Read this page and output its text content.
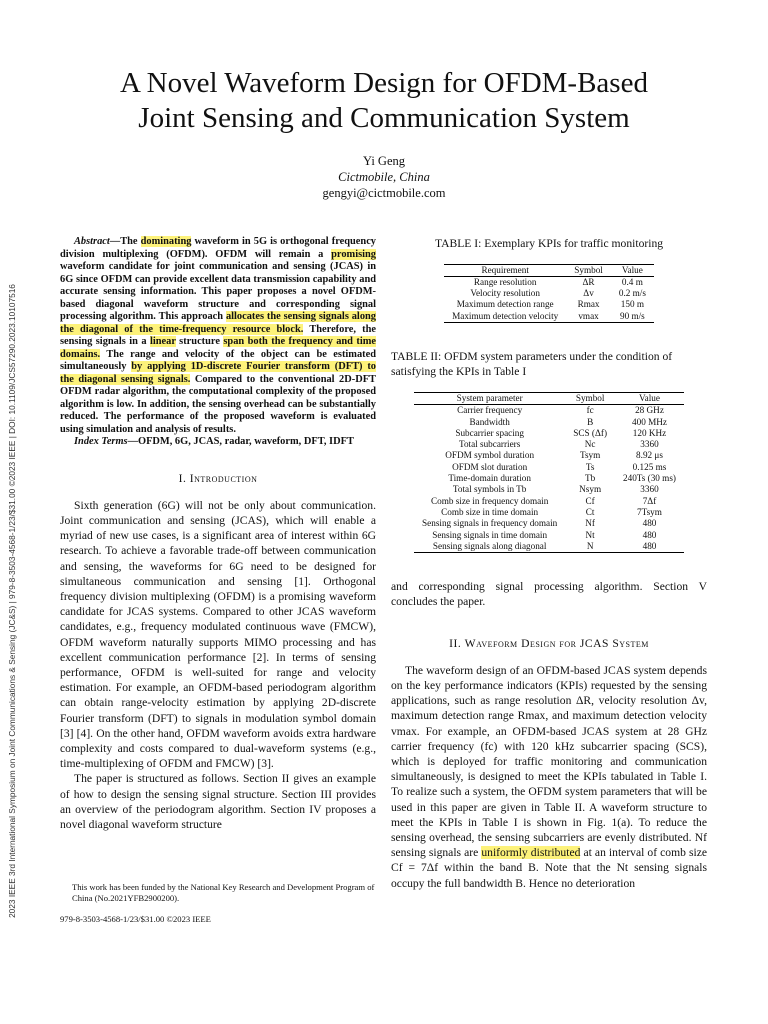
2023 IEEE 3rd International Symposium on Joint Communications & Sensing (JC&S) | 979-8-3503-4568-1/23/$31.00 ©2023 IEEE | DOI: 10.1109/JCS57290.2023.10107516
A Novel Waveform Design for OFDM-Based
Joint Sensing and Communication System
Yi Geng
Cictmobile, China
gengyi@cictmobile.com

Abstract—The dominating waveform in 5G is orthogonal frequency division multiplexing (OFDM). OFDM will remain a promising waveform candidate for joint communication and sensing (JCAS) in 6G since OFDM can provide excellent data transmission capability and accurate sensing information. This paper proposes a novel OFDM-based diagonal waveform structure and corresponding signal processing algorithm. This approach allocates the sensing signals along the diagonal of the time-frequency resource block. Therefore, the sensing signals in a linear structure span both the frequency and time domains. The range and velocity of the object can be estimated simultaneously by applying 1D-discrete Fourier transform (DFT) to the diagonal sensing signals. Compared to the conventional 2D-DFT OFDM radar algorithm, the computational complexity of the proposed algorithm is low. In addition, the sensing overhead can be substantially reduced. The performance of the proposed waveform is evaluated using simulation and analysis of results.

Index Terms—OFDM, 6G, JCAS, radar, waveform, DFT, IDFT

I. Introduction

Sixth generation (6G) will not be only about communication. Joint communication and sensing (JCAS), which will enable a myriad of new use cases, is a significant area of interest within 6G research. To achieve a favorable trade-off between communication and sensing, the waveforms for 6G need to be designed for simultaneous communication and sensing [1]. Orthogonal frequency division multiplexing (OFDM) is a promising waveform candidate for JCAS systems. Compared to other JCAS waveform candidates, e.g., frequency modulated continuous wave (FMCW), OFDM waveform naturally supports MIMO processing and has excellent communication performance [2]. In terms of sensing performance, OFDM is well-suited for range and velocity estimation. For example, an OFDM-based periodogram algorithm can obtain range-velocity estimation by applying 2D-discrete Fourier transform (DFT) to signals in modulation symbol domain [3] [4]. On the other hand, OFDM waveform avoids extra hardware complexity and costs compared to dual-waveform systems (e.g., time-multiplexing of OFDM and FMCW) [3].

The paper is structured as follows. Section II gives an example of how to design the sensing signal structure. Section III provides an overview of the periodogram algorithm. Section IV proposes a novel diagonal waveform structure

This work has been funded by the National Key Research and Development Program of China (No.2021YFB2900200).
979-8-3503-4568-1/23/$31.00 ©2023 IEEE
TABLE I: Exemplary KPIs for traffic monitoring
Requirement	Symbol	Value
Range resolution	ΔR	0.4 m
Velocity resolution	Δv	0.2 m/s
Maximum detection range	Rmax	150 m
Maximum detection velocity	vmax	90 m/s
TABLE II: OFDM system parameters under the condition of satisfying the KPIs in Table I
System parameter	Symbol	Value
Carrier frequency	fc	28 GHz
Bandwidth	B	400 MHz
Subcarrier spacing	SCS (Δf)	120 KHz
Total subcarriers	Nc	3360
OFDM symbol duration	Tsym	8.92 μs
OFDM slot duration	Ts	0.125 ms
Time-domain duration	Tb	240Ts (30 ms)
Total symbols in Tb	Nsym	3360
Comb size in frequency domain	Cf	7Δf
Comb size in time domain	Ct	7Tsym
Sensing signals in frequency domain	Nf	480
Sensing signals in time domain	Nt	480
Sensing signals along diagonal	N	480

and corresponding signal processing algorithm. Section V concludes the paper.

II. Waveform Design for JCAS System

The waveform design of an OFDM-based JCAS system depends on the key performance indicators (KPIs) requested by the sensing applications, such as range resolution ΔR, velocity resolution Δv, maximum detection range Rmax, and maximum detection velocity vmax. For example, an OFDM-based JCAS system at 28 GHz carrier frequency (fc) with 120 kHz subcarrier spacing (SCS), which is deployed for traffic monitoring and communication simultaneously, is designed to meet the KPIs tabulated in Table I. To realize such a system, the OFDM system parameters that will be used in this paper are given in Table II. A waveform structure to meet the KPIs in Table I is shown in Fig. 1(a). To reduce the sensing overhead, the sensing subcarriers are evenly distributed. Nf sensing signals are uniformly distributed at an interval of comb size Cf = 7Δf within the band B. Note that the Nt sensing signals occupy the full bandwidth B. Hence no deterioration
